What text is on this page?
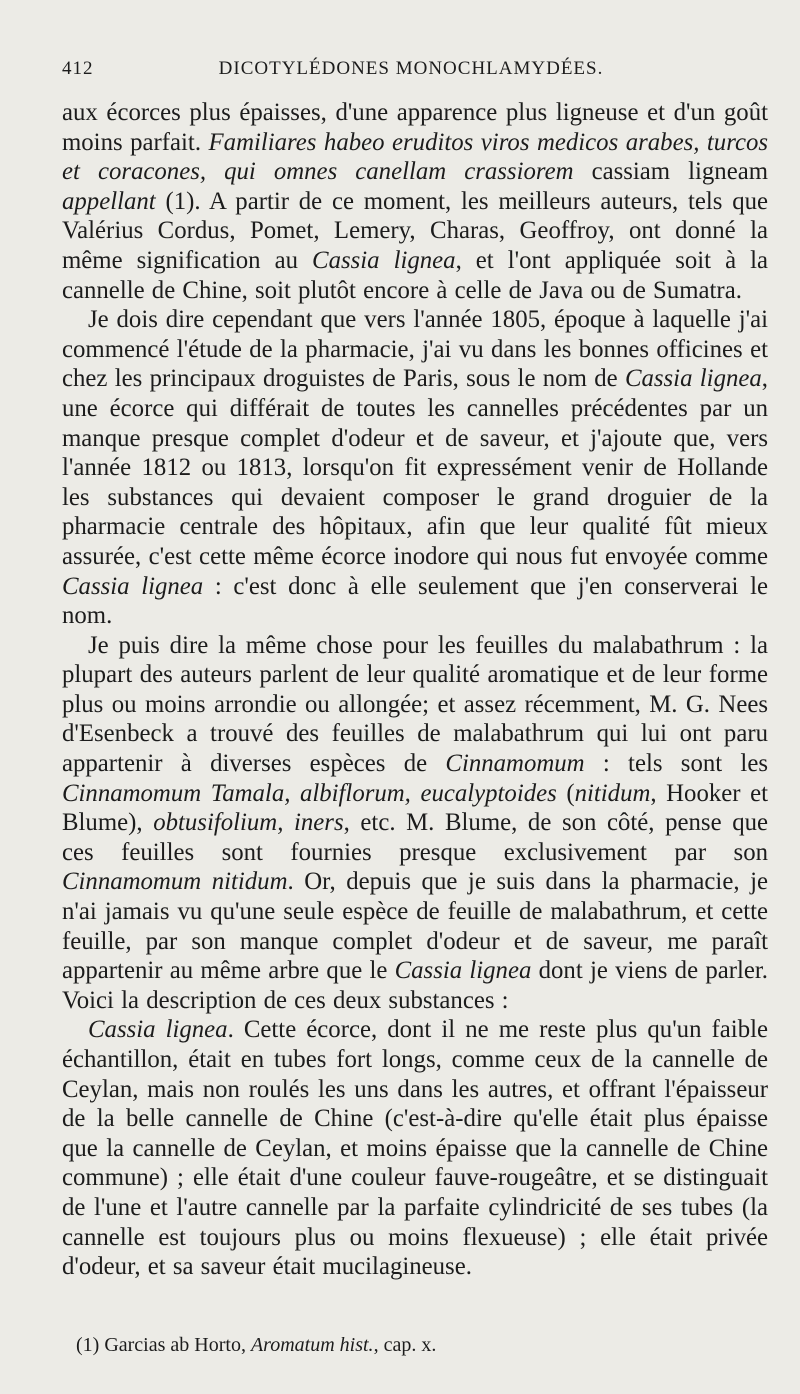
412	DICOTYLÉDONES MONOCHLAMYDÉES.

aux écorces plus épaisses, d'une apparence plus ligneuse et d'un goût moins parfait. Familiares habeo eruditos viros medicos arabes, turcos et coracones, qui omnes canellam crassiorem cassiam ligneam appellant (1). A partir de ce moment, les meilleurs auteurs, tels que Valérius Cordus, Pomet, Lemery, Charas, Geoffroy, ont donné la même signification au Cassia lignea, et l'ont appliquée soit à la cannelle de Chine, soit plutôt encore à celle de Java ou de Sumatra.

Je dois dire cependant que vers l'année 1805, époque à laquelle j'ai commencé l'étude de la pharmacie, j'ai vu dans les bonnes officines et chez les principaux droguistes de Paris, sous le nom de Cassia lignea, une écorce qui différait de toutes les cannelles précédentes par un manque presque complet d'odeur et de saveur, et j'ajoute que, vers l'année 1812 ou 1813, lorsqu'on fit expressément venir de Hollande les substances qui devaient composer le grand droguier de la pharmacie centrale des hôpitaux, afin que leur qualité fût mieux assurée, c'est cette même écorce inodore qui nous fut envoyée comme Cassia lignea : c'est donc à elle seulement que j'en conserverai le nom.

Je puis dire la même chose pour les feuilles du malabathrum : la plupart des auteurs parlent de leur qualité aromatique et de leur forme plus ou moins arrondie ou allongée; et assez récemment, M. G. Nees d'Esenbeck a trouvé des feuilles de malabathrum qui lui ont paru appartenir à diverses espèces de Cinnamomum : tels sont les Cinnamomum Tamala, albiflorum, eucalyptoides (nitidum, Hooker et Blume), obtusifolium, iners, etc. M. Blume, de son côté, pense que ces feuilles sont fournies presque exclusivement par son Cinnamomum nitidum. Or, depuis que je suis dans la pharmacie, je n'ai jamais vu qu'une seule espèce de feuille de malabathrum, et cette feuille, par son manque complet d'odeur et de saveur, me paraît appartenir au même arbre que le Cassia lignea dont je viens de parler. Voici la description de ces deux substances :

Cassia lignea. Cette écorce, dont il ne me reste plus qu'un faible échantillon, était en tubes fort longs, comme ceux de la cannelle de Ceylan, mais non roulés les uns dans les autres, et offrant l'épaisseur de la belle cannelle de Chine (c'est-à-dire qu'elle était plus épaisse que la cannelle de Ceylan, et moins épaisse que la cannelle de Chine commune) ; elle était d'une couleur fauve-rougeâtre, et se distinguait de l'une et l'autre cannelle par la parfaite cylindricité de ses tubes (la cannelle est toujours plus ou moins flexueuse) ; elle était privée d'odeur, et sa saveur était mucilagineuse.

(1) Garcias ab Horto, Aromatum hist., cap. x.
